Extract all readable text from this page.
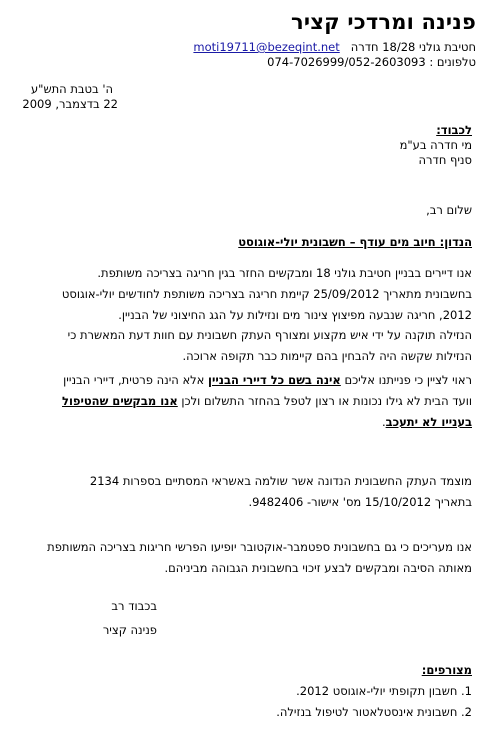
פנינה ומרדכי קציר
חטיבת גולני 18/28 חדרה   moti19711@bezeqint.net
טלפונים : 074-7026999/052-2603093
ה' בטבת התש"ע
22 בדצמבר, 2009
לכבוד:
מי חדרה בע"מ
סניף חדרה
שלום רב,
הנדון: חיוב מים עודף – חשבונית יולי-אוגוסט
אנו דיירים בבניין חטיבת גולני 18 ומבקשים החזר בגין חריגה בצריכה משותפת.
בחשבונית מתאריך 25/09/2012 קיימת חריגה בצריכה משותפת לחודשים יולי-אוגוסט
2012, חריגה שנבעה מפיצוץ צינור מים ונזילות על הגג החיצוני של הבניין.
הנזילה תוקנה על ידי איש מקצוע ומצורף העתק חשבונית עם חוות דעת המאשרת כי
הנזילות שקשה היה להבחין בהם קיימות כבר תקופה ארוכה.
ראוי לציין כי פנייתנו אליכם אינה בשם כל דיירי הבניין אלא הינה פרטית, דיירי הבניין
וועד הבית לא גילו נכונות או רצון לטפל בהחזר התשלום ולכן אנו מבקשים שהטיפול
בענייו לא יתעכב.
מוצמד העתק החשבונית הנדונה אשר שולמה באשראי המסתיים בספרות 2134
בתאריך 15/10/2012 מס' אישור- 9482406.
אנו מעריכים כי גם בחשבונית ספטמבר-אוקטובר יופיעו הפרשי חריגות בצריכה המשותפת
מאותה הסיבה ומבקשים לבצע זיכוי בחשבונית הגבוהה מביניהם.
בכבוד רב
פנינה קציר
מצורפים:
1. חשבון תקופתי יולי-אוגוסט 2012.
2. חשבונית אינסטלאטור לטיפול בנזילה.
